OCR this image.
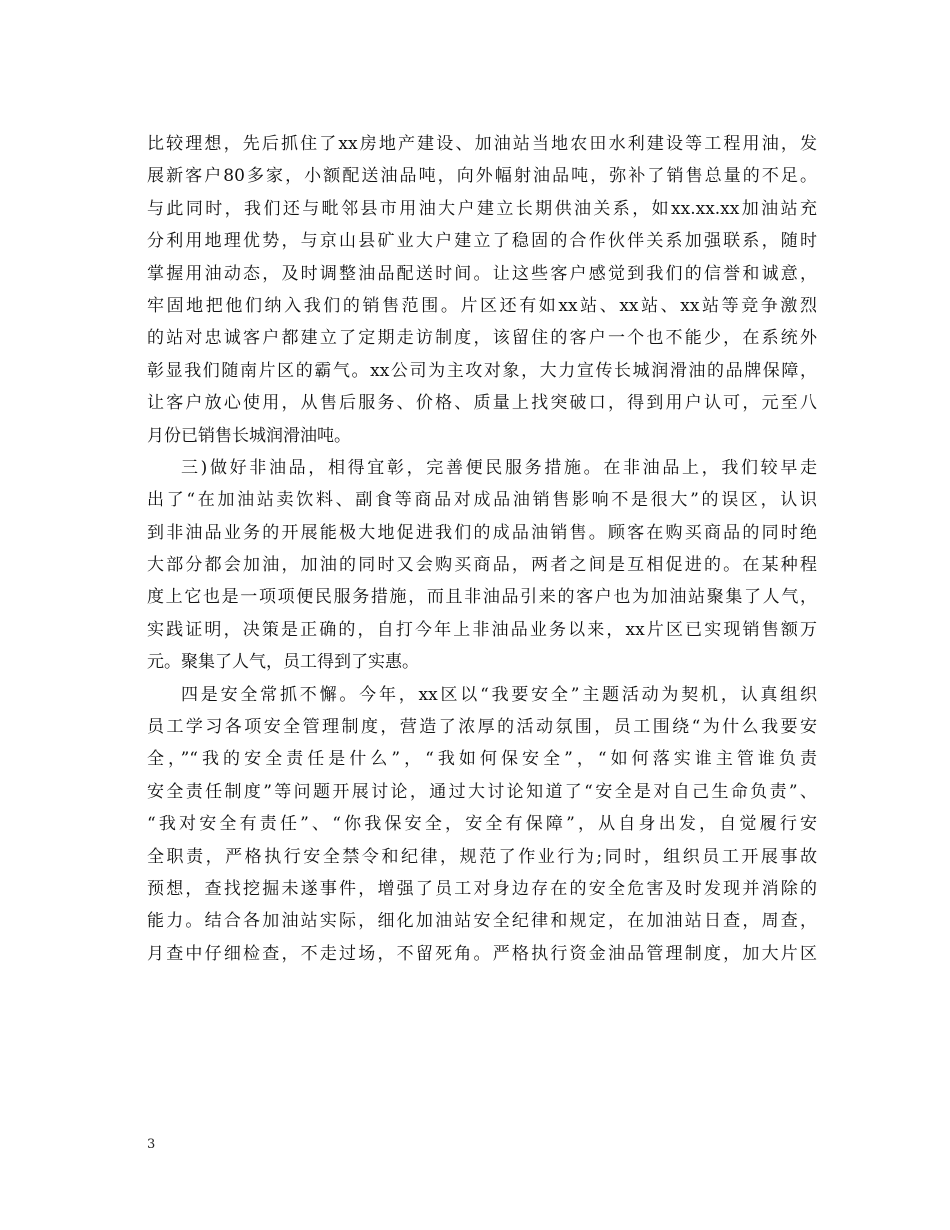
比较理想，先后抓住了xx房地产建设、加油站当地农田水利建设等工程用油，发
展新客户80多家，小额配送油品吨，向外幅射油品吨，弥补了销售总量的不足。
与此同时，我们还与毗邻县市用油大户建立长期供油关系，如xx.xx.xx加油站充
分利用地理优势，与京山县矿业大户建立了稳固的合作伙伴关系加强联系，随时
掌握用油动态，及时调整油品配送时间。让这些客户感觉到我们的信誉和诚意，
牢固地把他们纳入我们的销售范围。片区还有如xx站、xx站、xx站等竞争激烈
的站对忠诚客户都建立了定期走访制度，该留住的客户一个也不能少，在系统外
彰显我们随南片区的霸气。xx公司为主攻对象，大力宣传长城润滑油的品牌保障，
让客户放心使用，从售后服务、价格、质量上找突破口，得到用户认可，元至八
月份已销售长城润滑油吨。
三)做好非油品，相得宜彰，完善便民服务措施。在非油品上，我们较早走
出了“在加油站卖饮料、副食等商品对成品油销售影响不是很大”的误区，认识
到非油品业务的开展能极大地促进我们的成品油销售。顾客在购买商品的同时绝
大部分都会加油，加油的同时又会购买商品，两者之间是互相促进的。在某种程
度上它也是一项项便民服务措施，而且非油品引来的客户也为加油站聚集了人气，
实践证明，决策是正确的，自打今年上非油品业务以来，xx片区已实现销售额万
元。聚集了人气，员工得到了实惠。
四是安全常抓不懈。今年，xx区以“我要安全”主题活动为契机，认真组织
员工学习各项安全管理制度，营造了浓厚的活动氛围，员工围绕“为什么我要安
全，”“我的安全责任是什么”，“我如何保安全”，“如何落实谁主管谁负责
安全责任制度”等问题开展讨论，通过大讨论知道了“安全是对自己生命负责”、
“我对安全有责任”、“你我保安全，安全有保障”，从自身出发，自觉履行安
全职责，严格执行安全禁令和纪律，规范了作业行为;同时，组织员工开展事故
预想，查找挖掘未遂事件，增强了员工对身边存在的安全危害及时发现并消除的
能力。结合各加油站实际，细化加油站安全纪律和规定，在加油站日查，周查，
月查中仔细检查，不走过场，不留死角。严格执行资金油品管理制度，加大片区
3
